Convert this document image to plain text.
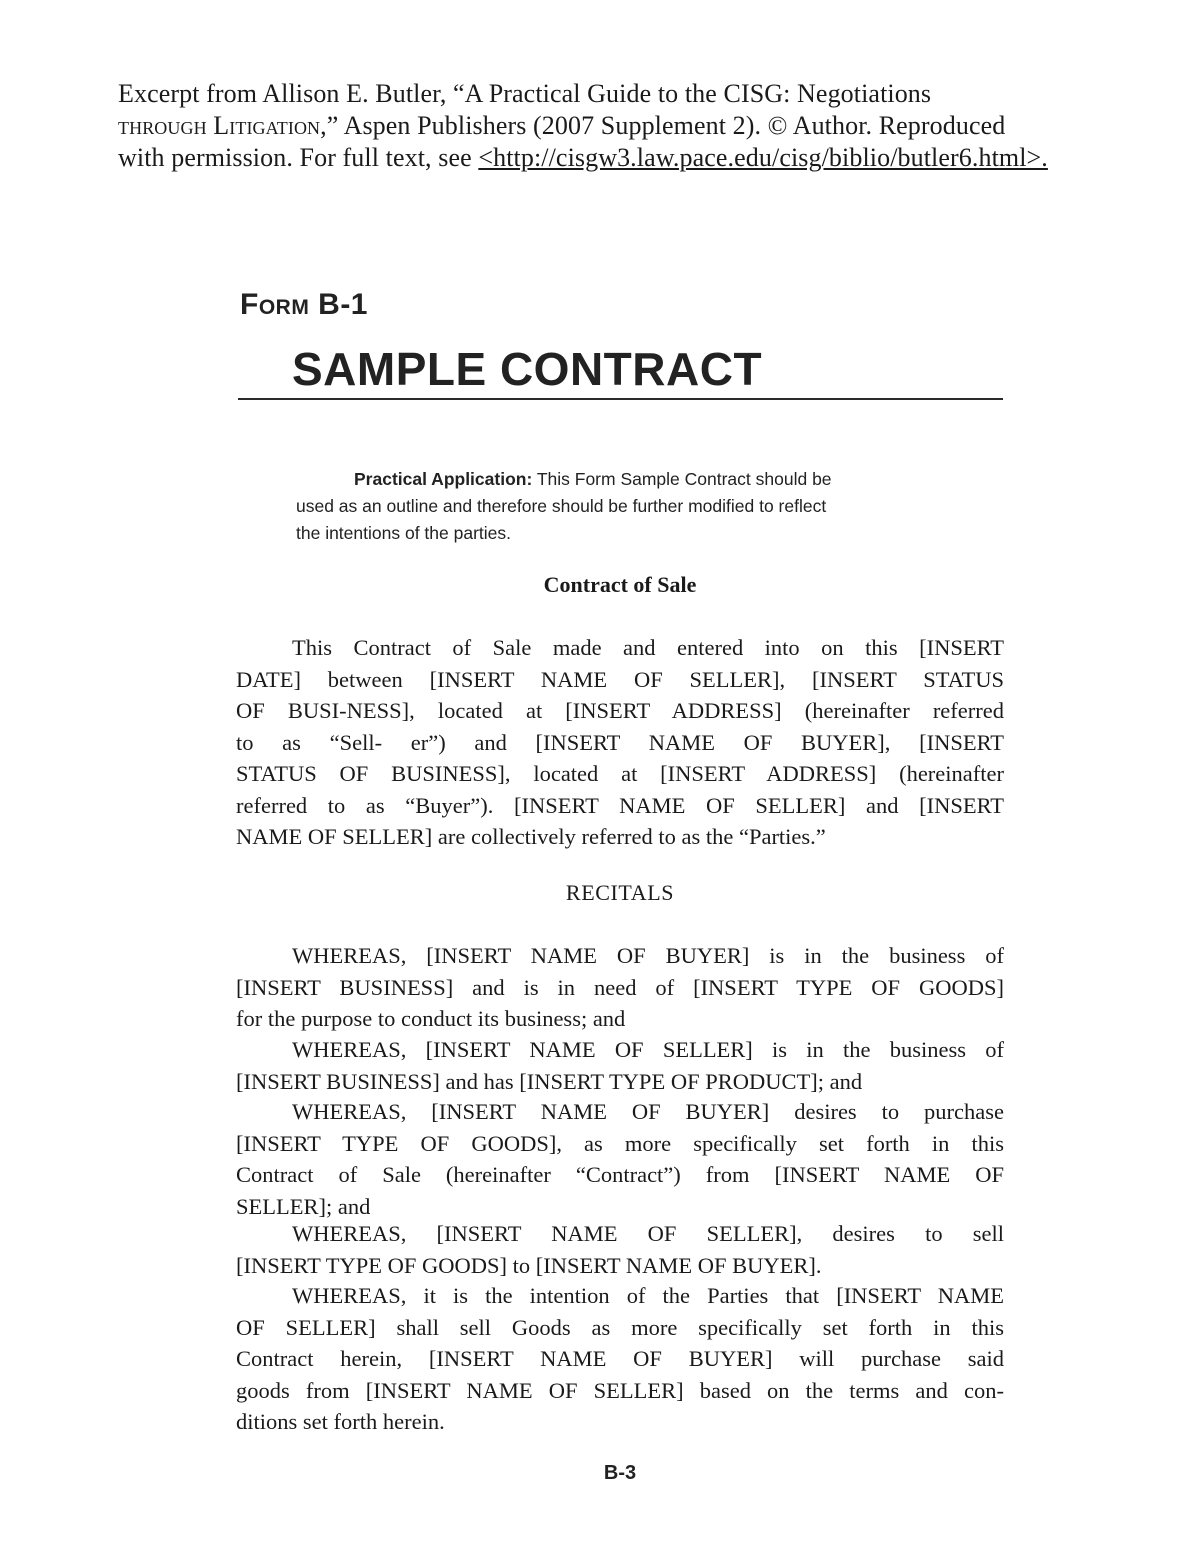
Excerpt from Allison E. Butler, “A Practical Guide to the CISG: Negotiations
through Litigation,” Aspen Publishers (2007 Supplement 2). © Author. Reproduced
with permission. For full text, see <http://cisgw3.law.pace.edu/cisg/biblio/butler6.html>.
Form B-1
SAMPLE CONTRACT
Practical Application: This Form Sample Contract should be
used as an outline and therefore should be further modified to reflect
the intentions of the parties.
Contract of Sale
This Contract of Sale made and entered into on this [INSERT
DATE] between [INSERT NAME OF SELLER], [INSERT STATUS
OF BUSI-NESS], located at [INSERT ADDRESS] (hereinafter referred
to as “Sell- er”) and [INSERT NAME OF BUYER], [INSERT
STATUS OF BUSINESS], located at [INSERT ADDRESS] (hereinafter
referred to as “Buyer”). [INSERT NAME OF SELLER] and [INSERT
NAME OF SELLER] are collectively referred to as the “Parties.”
RECITALS
WHEREAS, [INSERT NAME OF BUYER] is in the business of
[INSERT BUSINESS] and is in need of [INSERT TYPE OF GOODS]
for the purpose to conduct its business; and
WHEREAS, [INSERT NAME OF SELLER] is in the business of
[INSERT BUSINESS] and has [INSERT TYPE OF PRODUCT]; and
WHEREAS, [INSERT NAME OF BUYER] desires to purchase
[INSERT TYPE OF GOODS], as more specifically set forth in this
Contract of Sale (hereinafter “Contract”) from [INSERT NAME OF
SELLER]; and
WHEREAS, [INSERT NAME OF SELLER], desires to sell
[INSERT TYPE OF GOODS] to [INSERT NAME OF BUYER].
WHEREAS, it is the intention of the Parties that [INSERT NAME
OF SELLER] shall sell Goods as more specifically set forth in this
Contract herein, [INSERT NAME OF BUYER] will purchase said
goods from [INSERT NAME OF SELLER] based on the terms and con-
ditions set forth herein.
B-3
